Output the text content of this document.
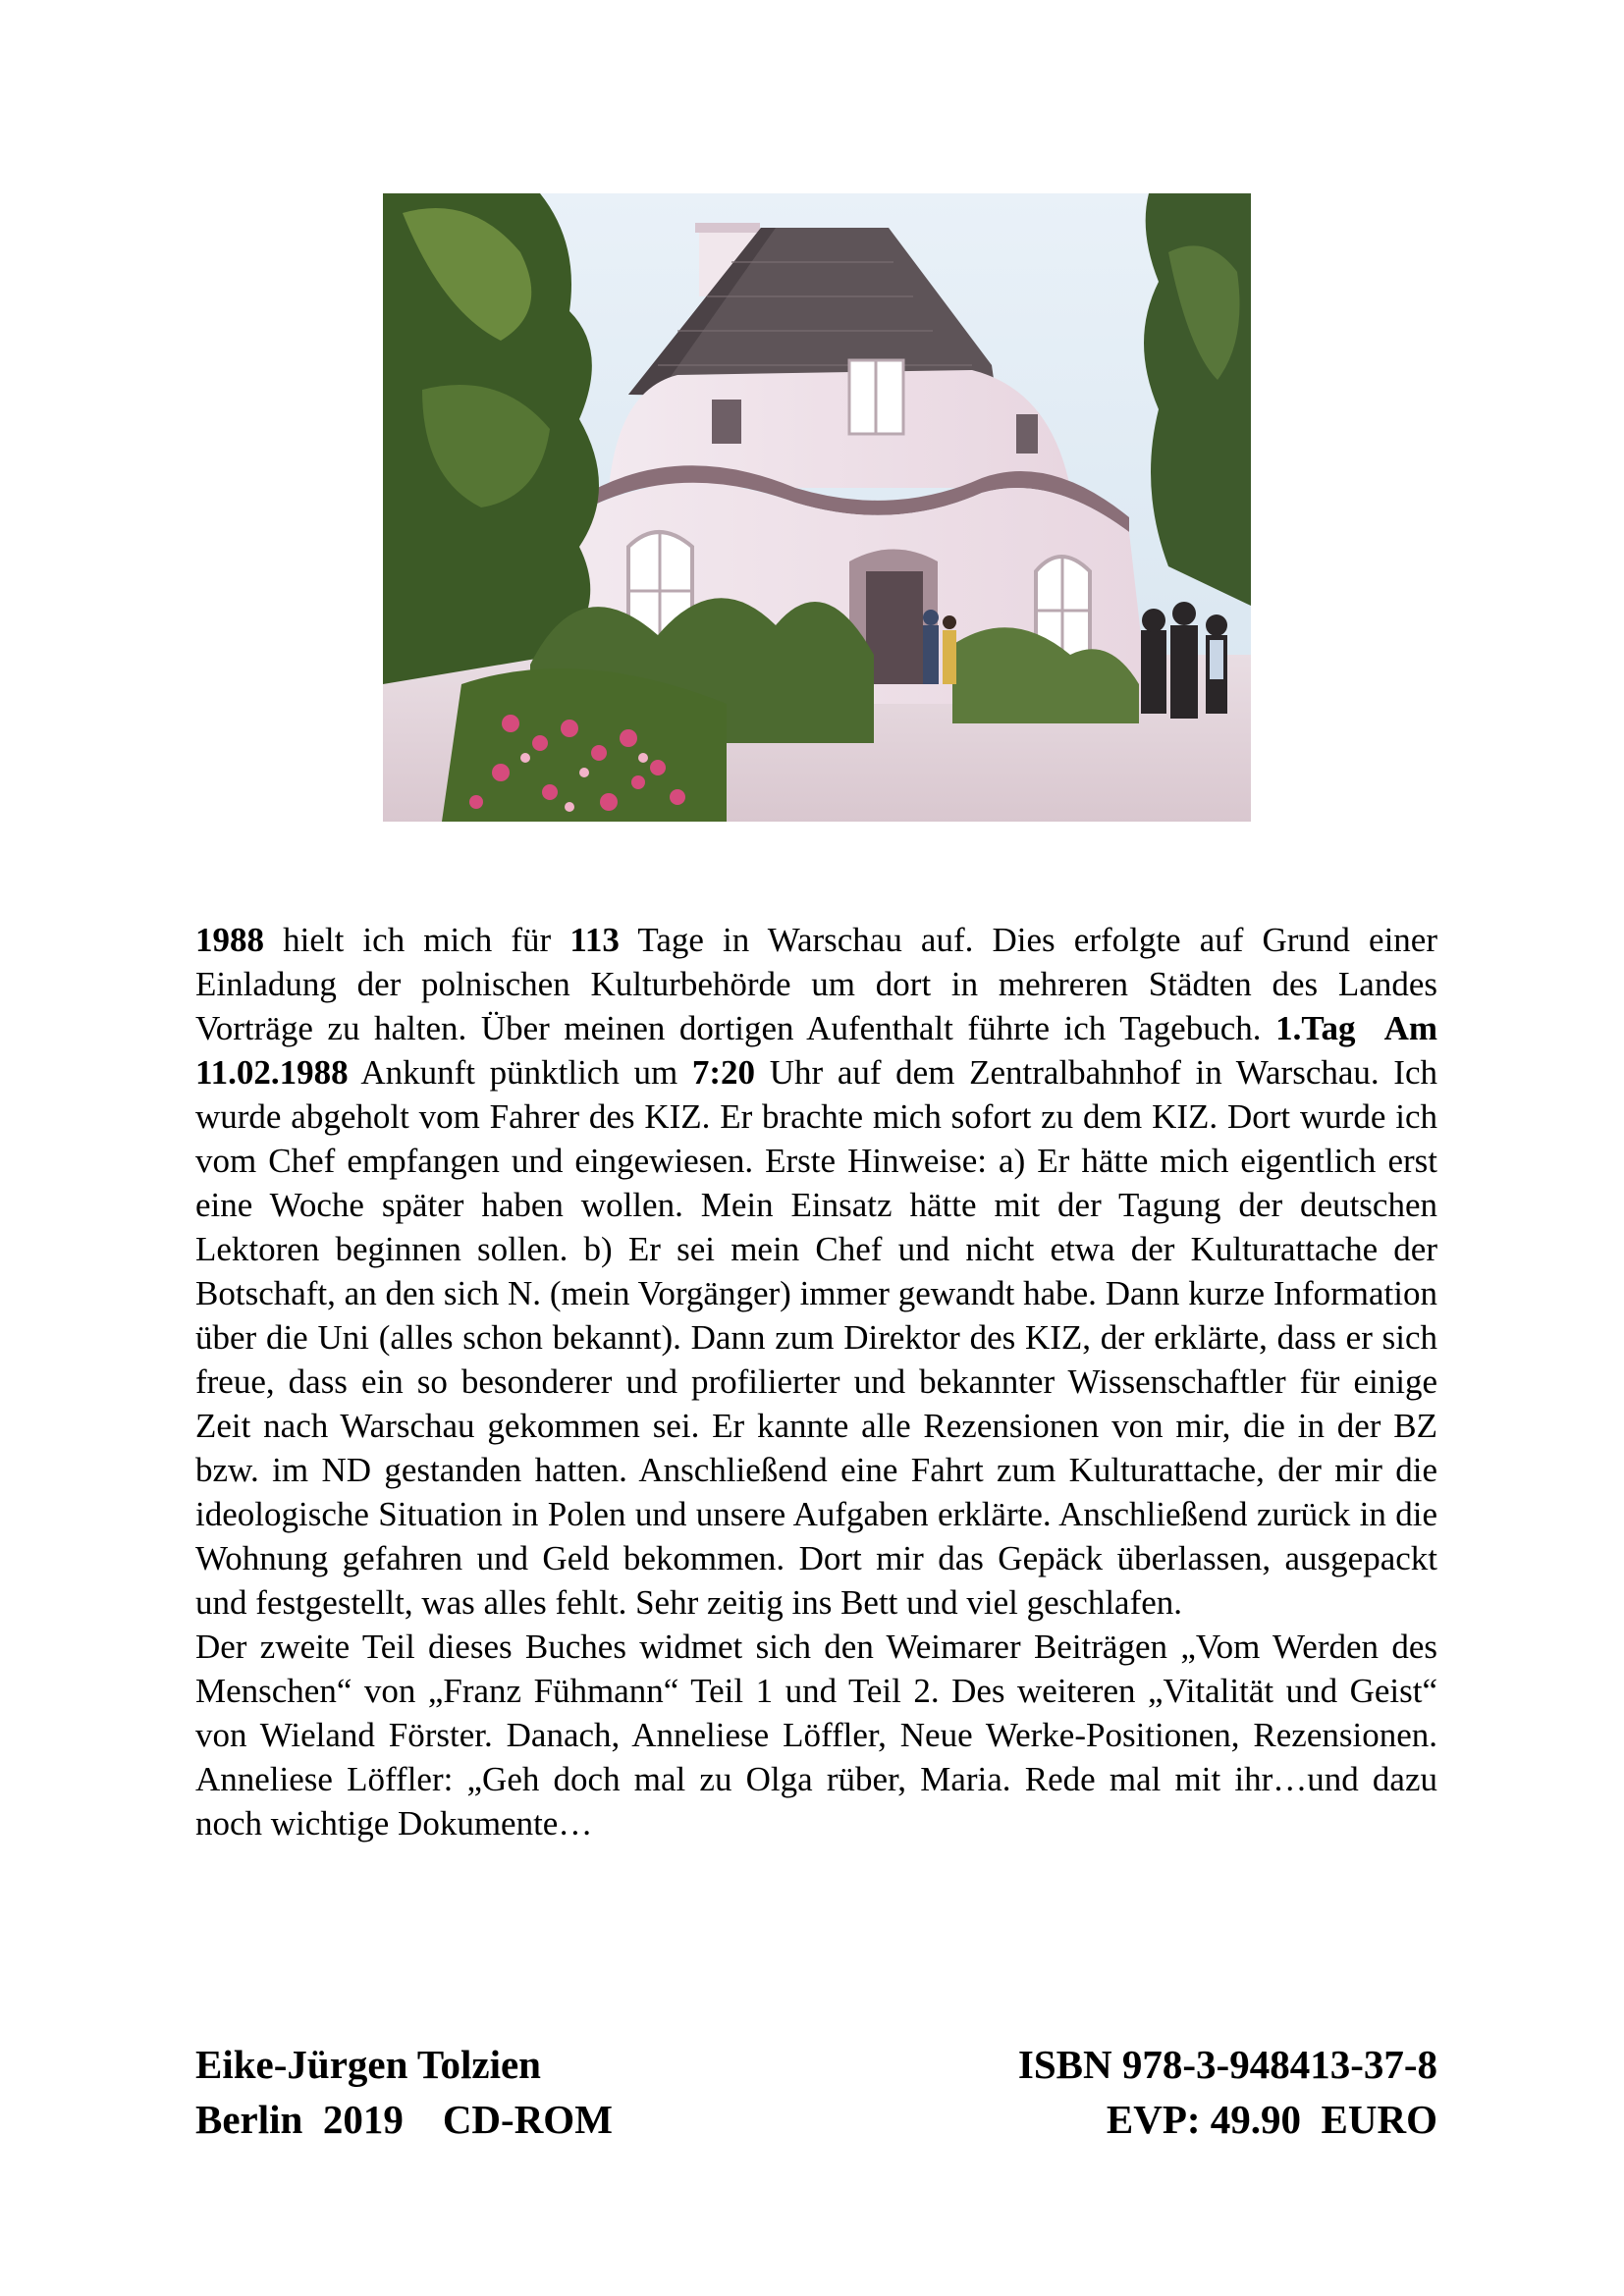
1988 hielt ich mich für 113 Tage in Warschau auf. Dies erfolgte auf Grund einer Einladung der polnischen Kulturbehörde um dort in mehreren Städten des Landes Vorträge zu halten. Über meinen dortigen Aufenthalt führte ich Tagebuch. 1.Tag Am 11.02.1988 Ankunft pünktlich um 7:20 Uhr auf dem Zentralbahnhof in Warschau. Ich wurde abgeholt vom Fahrer des KIZ. Er brachte mich sofort zu dem KIZ. Dort wurde ich vom Chef empfangen und eingewiesen. Erste Hinweise: a) Er hätte mich eigentlich erst eine Woche später haben wollen. Mein Einsatz hätte mit der Tagung der deutschen Lektoren beginnen sollen. b) Er sei mein Chef und nicht etwa der Kulturattache der Botschaft, an den sich N. (mein Vorgänger) immer gewandt habe. Dann kurze Information über die Uni (alles schon bekannt). Dann zum Direktor des KIZ, der erklärte, dass er sich freue, dass ein so besonderer und profilierter und bekannter Wissenschaftler für einige Zeit nach Warschau gekommen sei. Er kannte alle Rezensionen von mir, die in der BZ bzw. im ND gestanden hatten. Anschließend eine Fahrt zum Kulturattache, der mir die ideologische Situation in Polen und unsere Aufgaben erklärte. Anschließend zurück in die Wohnung gefahren und Geld bekommen. Dort mir das Gepäck überlassen, ausgepackt und festgestellt, was alles fehlt. Sehr zeitig ins Bett und viel geschlafen.

Der zweite Teil dieses Buches widmet sich den Weimarer Beiträgen „Vom Werden des Menschen“ von „Franz Fühmann“ Teil 1 und Teil 2. Des weiteren „Vitalität und Geist“ von Wieland Förster. Danach, Anneliese Löffler, Neue Werke-Positionen, Rezensionen. Anneliese Löffler: „Geh doch mal zu Olga rüber, Maria. Rede mal mit ihr…und dazu noch wichtige Dokumente…

Eike-Jürgen Tolzien	ISBN 978-3-948413-37-8
Berlin  2019 CD-ROM	EVP: 49.90  EURO
